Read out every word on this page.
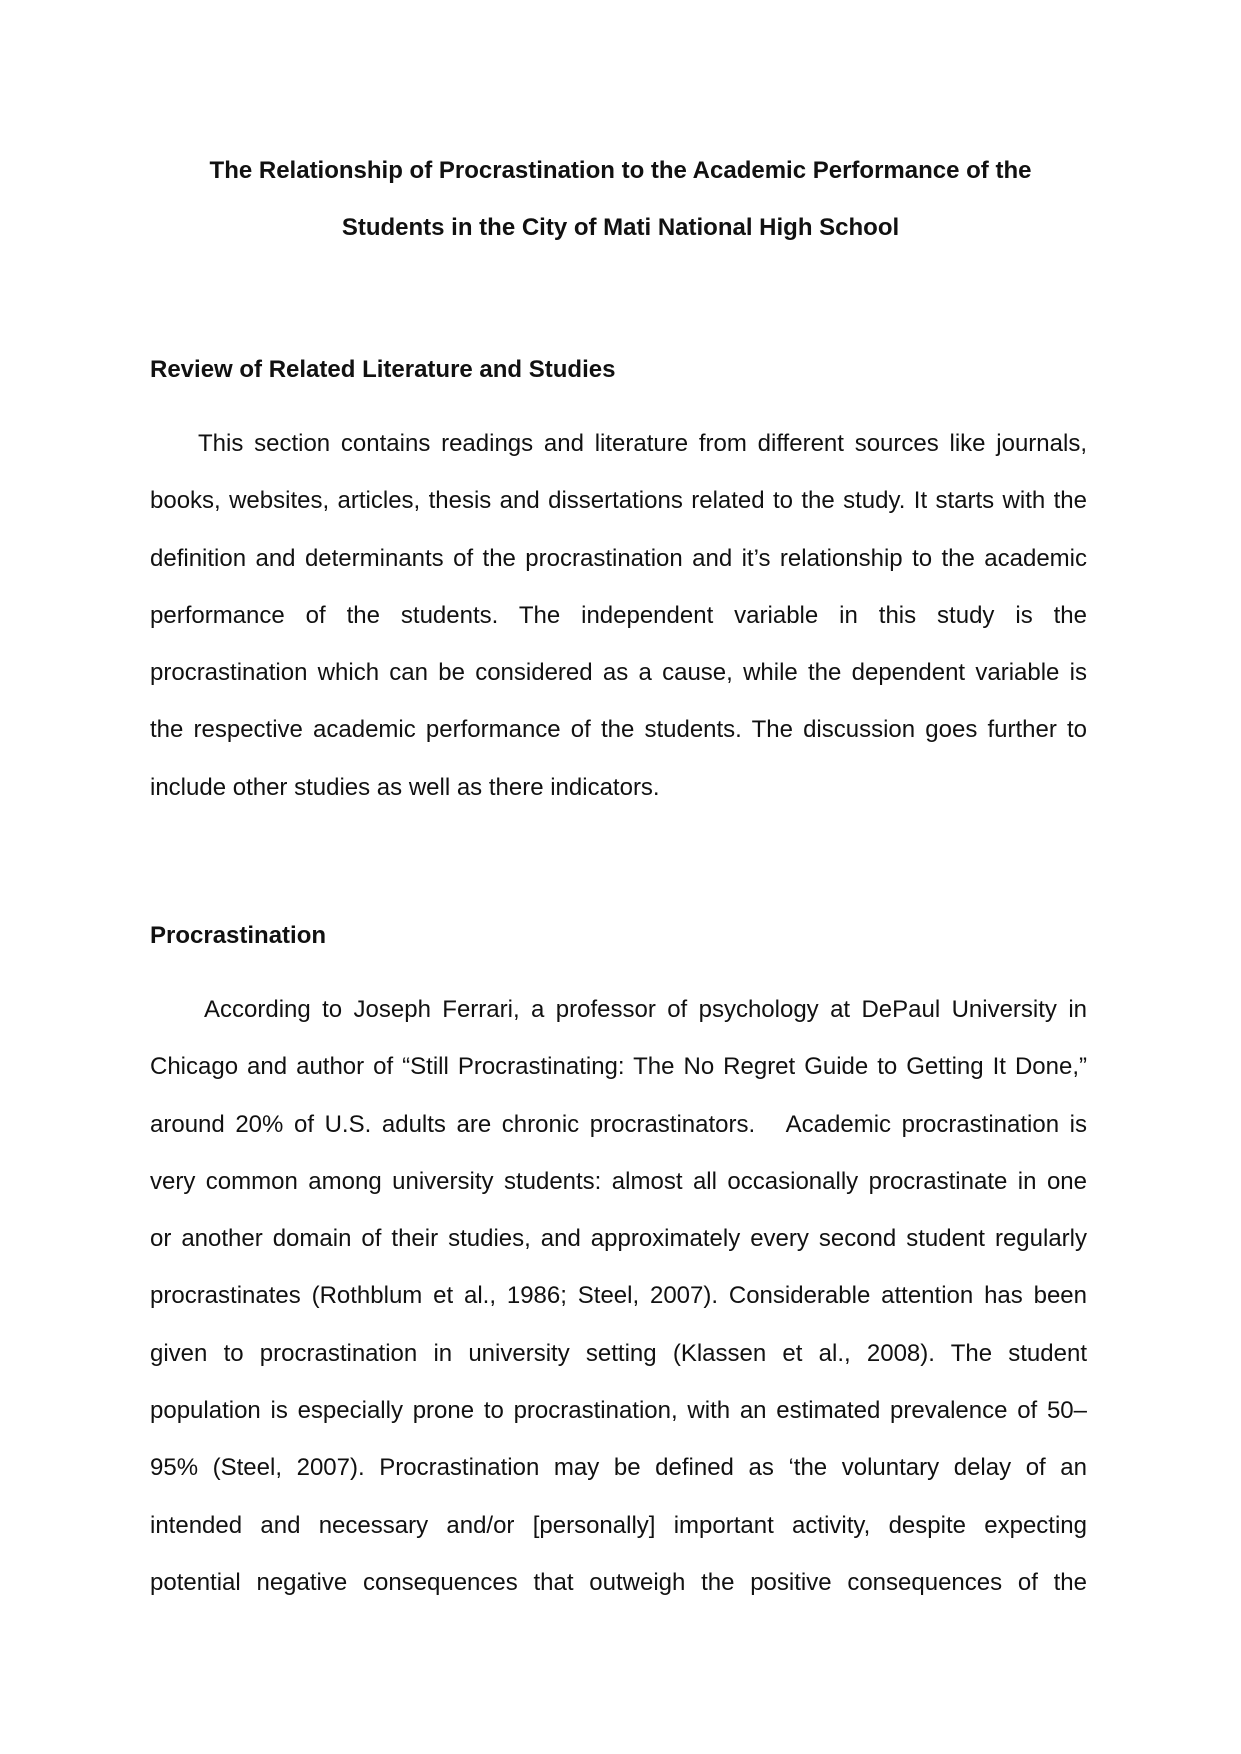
The Relationship of Procrastination to the Academic Performance of the
Students in the City of Mati National High School
Review of Related Literature and Studies
This section contains readings and literature from different sources like journals,
books, websites, articles, thesis and dissertations related to the study. It starts with the
definition and determinants of the procrastination and it’s relationship to the academic
performance of the students. The independent variable in this study is the
procrastination which can be considered as a cause, while the dependent variable is
the respective academic performance of the students. The discussion goes further to
include other studies as well as there indicators.
Procrastination
According to Joseph Ferrari, a professor of psychology at DePaul University in
Chicago and author of “Still Procrastinating: The No Regret Guide to Getting It Done,”
around 20% of U.S. adults are chronic procrastinators.   Academic procrastination is
very common among university students: almost all occasionally procrastinate in one
or another domain of their studies, and approximately every second student regularly
procrastinates (Rothblum et al., 1986; Steel, 2007). Considerable attention has been
given to procrastination in university setting (Klassen et al., 2008). The student
population is especially prone to procrastination, with an estimated prevalence of 50–
95% (Steel, 2007). Procrastination may be defined as ‘the voluntary delay of an
intended and necessary and/or [personally] important activity, despite expecting
potential negative consequences that outweigh the positive consequences of the
